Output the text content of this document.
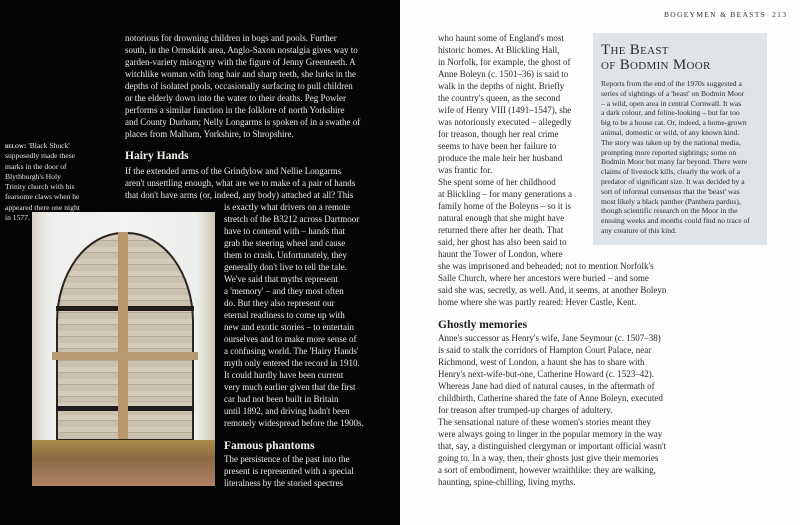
below: 'Black Shuck'
supposedly made these
marks in the door of
Blythburgh's Holy
Trinity church with his
fearsome claws when he
appeared there one night
in 1577.
notorious for drowning children in bogs and pools. Further
south, in the Ormskirk area, Anglo-Saxon nostalgia gives way to
garden-variety misogyny with the figure of Jenny Greenteeth. A
witchlike woman with long hair and sharp teeth, she lurks in the
depths of isolated pools, occasionally surfacing to pull children
or the elderly down into the water to their deaths. Peg Powler
performs a similar function in the folklore of north Yorkshire
and County Durham; Nelly Longarms is spoken of in a swathe of
places from Malham, Yorkshire, to Shropshire.
Hairy Hands
If the extended arms of the Grindylow and Nellie Longarms
aren't unsettling enough, what are we to make of a pair of hands
that don't have arms (or, indeed, any body) attached at all? This
is exactly what drivers on a remote
stretch of the B3212 across Dartmoor
have to contend with – hands that
grab the steering wheel and cause
them to crash. Unfortunately, they
generally don't live to tell the tale.
We've said that myths represent
a 'memory' – and they most often
do. But they also represent our
eternal readiness to come up with
new and exotic stories – to entertain
ourselves and to make more sense of
a confusing world. The 'Hairy Hands'
myth only entered the record in 1910.
It could hardly have been current
very much earlier given that the first
car had not been built in Britain
until 1892, and driving hadn't been
remotely widespread before the 1900s.
Famous phantoms
The persistence of the past into the
present is represented with a special
literalness by the storied spectres
BOGEYMEN & BEASTS 213
who haunt some of England's most
historic homes. At Blickling Hall,
in Norfolk, for example, the ghost of
Anne Boleyn (c. 1501–36) is said to
walk in the depths of night. Briefly
the country's queen, as the second
wife of Henry VIII (1491–1547), she
was notoriously executed – allegedly
for treason, though her real crime
seems to have been her failure to
produce the male heir her husband
was frantic for.
She spent some of her childhood
at Blickling – for many generations a
family home of the Boleyns – so it is
natural enough that she might have
returned there after her death. That
said, her ghost has also been said to
haunt the Tower of London, where
she was imprisoned and beheaded; not to mention Norfolk's
Salle Church, where her ancestors were buried – and some
said she was, secretly, as well. And, it seems, at another Boleyn
home where she was partly reared: Hever Castle, Kent.
Ghostly memories
Anne's successor as Henry's wife, Jane Seymour (c. 1507–38)
is said to stalk the corridors of Hampton Court Palace, near
Richmond, west of London, a haunt she has to share with
Henry's next-wife-but-one, Catherine Howard (c. 1523–42).
Whereas Jane had died of natural causes, in the aftermath of
childbirth, Catherine shared the fate of Anne Boleyn, executed
for treason after trumped-up charges of adultery.
The sensational nature of these women's stories meant they
were always going to linger in the popular memory in the way
that, say, a distinguished clergyman or important official wasn't
going to. In a way, then, their ghosts just give their memories
a sort of embodiment, however wraithlike: they are walking,
haunting, spine-chilling, living myths.
The Beast
of Bodmin Moor
Reports from the end of the 1970s suggested a
series of sightings of a 'beast' on Bodmin Moor
– a wild, open area in central Cornwall. It was
a dark colour, and feline-looking – but far too
big to be a house cat. Or, indeed, a home-grown
animal, domestic or wild, of any known kind.
The story was taken up by the national media,
prompting more reported sightings; some on
Bodmin Moor but many far beyond. There were
claims of livestock kills, clearly the work of a
predator of significant size. It was decided by a
sort of informal consensus that the 'beast' was
most likely a black panther (Panthera pardus),
though scientific research on the Moor in the
ensuing weeks and months could find no trace of
any creature of this kind.
